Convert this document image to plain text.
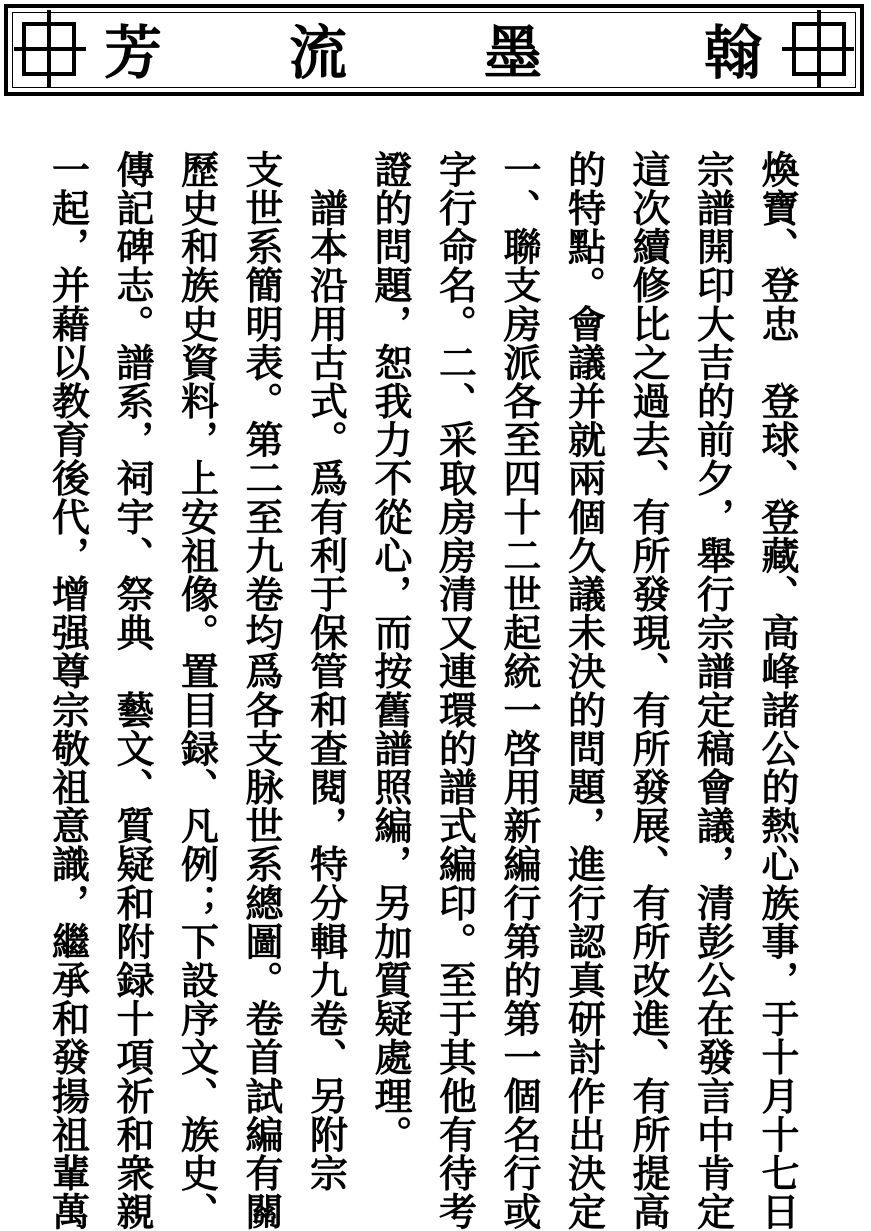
翰
墨
流
芳
煥寶、登忠　登球、登藏、高峰諸公的熱心族事，于十月十七日
宗譜開印大吉的前夕，舉行宗譜定稿會議，清彭公在發言中肯定
這次續修比之過去、有所發現、有所發展、有所改進、有所提高
的特點。會議并就兩個久議未決的問題，進行認真研討作出決定
一、聯支房派各至四十二世起統一啓用新編行第的第一個名行或
字行命名。二、采取房房清又連環的譜式編印。至于其他有待考
證的問題，恕我力不從心，而按舊譜照編，另加質疑處理。
　譜本沿用古式。爲有利于保管和查閱，特分輯九卷、另附宗
支世系簡明表。第二至九卷均爲各支脉世系總圖。卷首試編有關
歷史和族史資料，上安祖像。置目録、凡例；下設序文、族史、
傳記碑志。譜系，祠宇、祭典　藝文、質疑和附録十項祈和衆親
一起，并藉以教育後代，增强尊宗敬祖意識，繼承和發揚祖輩萬
